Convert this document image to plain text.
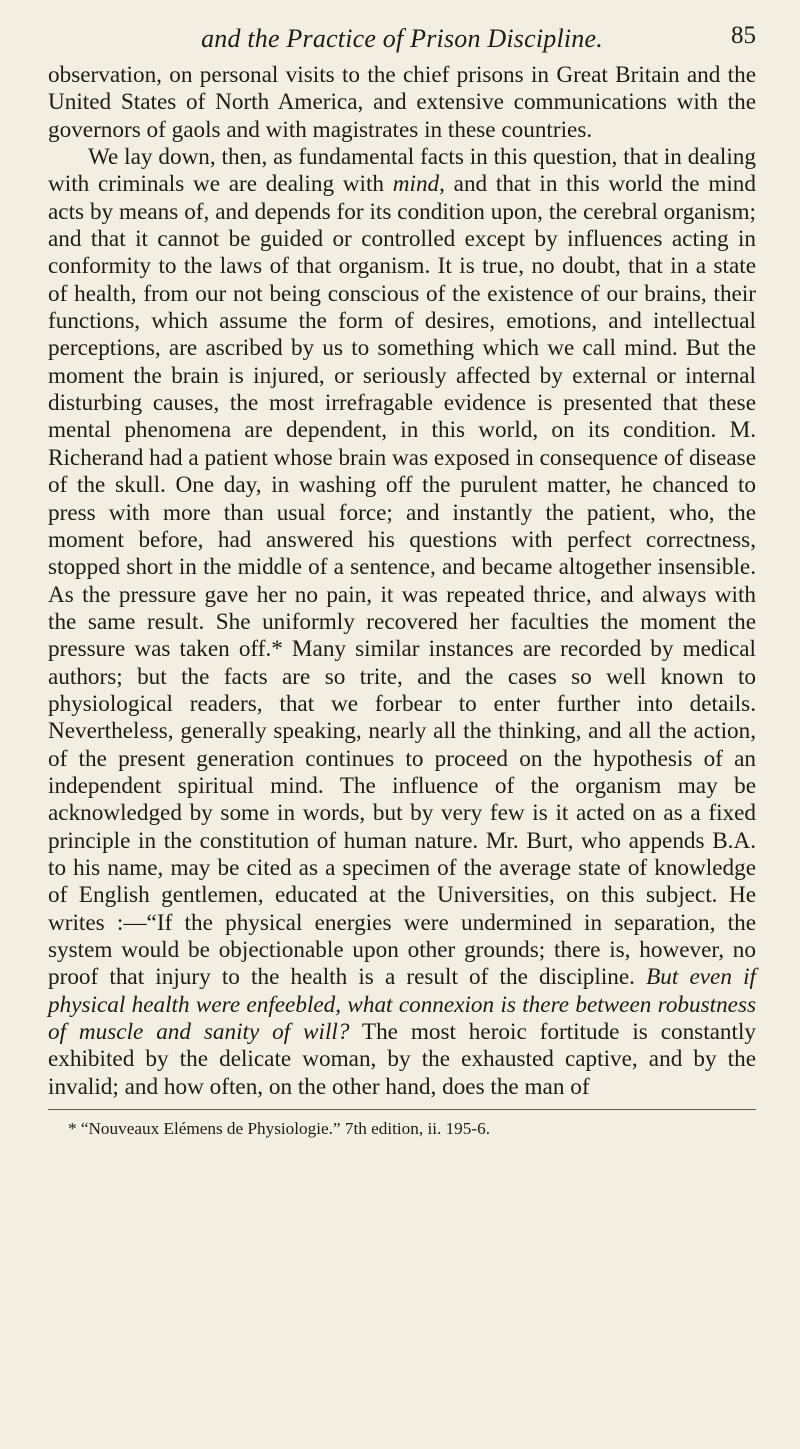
and the Practice of Prison Discipline.	85

observation, on personal visits to the chief prisons in Great Britain and the United States of North America, and extensive communications with the governors of gaols and with magistrates in these countries.

We lay down, then, as fundamental facts in this question, that in dealing with criminals we are dealing with mind, and that in this world the mind acts by means of, and depends for its condition upon, the cerebral organism; and that it cannot be guided or controlled except by influences acting in conformity to the laws of that organism. It is true, no doubt, that in a state of health, from our not being conscious of the existence of our brains, their functions, which assume the form of desires, emotions, and intellectual perceptions, are ascribed by us to something which we call mind. But the moment the brain is injured, or seriously affected by external or internal disturbing causes, the most irrefragable evidence is presented that these mental phenomena are dependent, in this world, on its condition. M. Richerand had a patient whose brain was exposed in consequence of disease of the skull. One day, in washing off the purulent matter, he chanced to press with more than usual force; and instantly the patient, who, the moment before, had answered his questions with perfect correctness, stopped short in the middle of a sentence, and became altogether insensible. As the pressure gave her no pain, it was repeated thrice, and always with the same result. She uniformly recovered her faculties the moment the pressure was taken off.* Many similar instances are recorded by medical authors; but the facts are so trite, and the cases so well known to physiological readers, that we forbear to enter further into details. Nevertheless, generally speaking, nearly all the thinking, and all the action, of the present generation continues to proceed on the hypothesis of an independent spiritual mind. The influence of the organism may be acknowledged by some in words, but by very few is it acted on as a fixed principle in the constitution of human nature. Mr. Burt, who appends B.A. to his name, may be cited as a specimen of the average state of knowledge of English gentlemen, educated at the Universities, on this subject. He writes :—“If the physical energies were undermined in separation, the system would be objectionable upon other grounds; there is, however, no proof that injury to the health is a result of the discipline. But even if physical health were enfeebled, what connexion is there between robustness of muscle and sanity of will? The most heroic fortitude is constantly exhibited by the delicate woman, by the exhausted captive, and by the invalid; and how often, on the other hand, does the man of

* “Nouveaux Elémens de Physiologie.” 7th edition, ii. 195-6.
